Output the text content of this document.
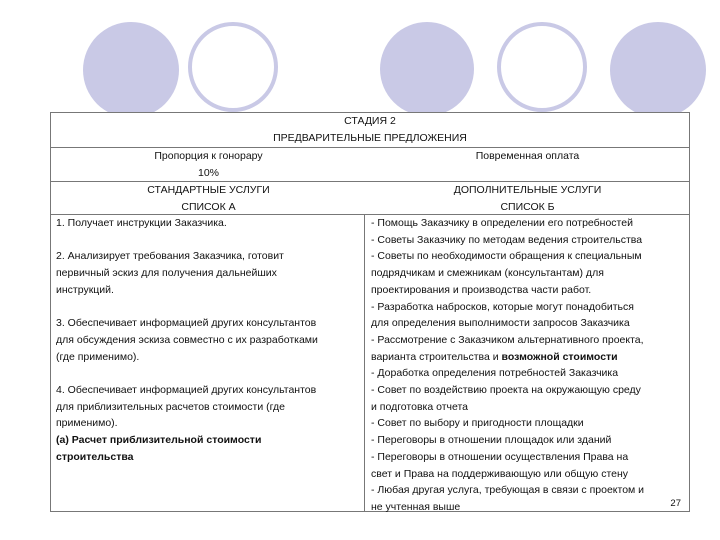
СТАДИЯ 2
ПРЕДВАРИТЕЛЬНЫЕ ПРЕДЛОЖЕНИЯ
Пропорция к гонорару
10%
Повременная оплата
СТАНДАРТНЫЕ УСЛУГИ
СПИСОК А
ДОПОЛНИТЕЛЬНЫЕ УСЛУГИ
СПИСОК Б
1. Получает инструкции Заказчика.
2. Анализирует требования Заказчика, готовит
первичный эскиз для получения дальнейших
инструкций.
3. Обеспечивает информацией других консультантов
для обсуждения эскиза совместно с их разработками
(где применимо).
4. Обеспечивает информацией других консультантов
для приблизительных расчетов стоимости (где
применимо).
(а) Расчет приблизительной стоимости
строительства
- Помощь Заказчику в определении его потребностей
- Советы Заказчику по методам ведения строительства
- Советы по необходимости обращения к специальным
подрядчикам и смежникам (консультантам) для
проектирования и производства части работ.
- Разработка набросков, которые могут понадобиться
для определения выполнимости запросов Заказчика
- Рассмотрение с Заказчиком альтернативного проекта,
варианта строительства и возможной стоимости
- Доработка определения потребностей Заказчика
- Совет по воздействию проекта на окружающую среду
и подготовка отчета
- Совет по выбору и пригодности площадки
- Переговоры в отношении площадок или зданий
- Переговоры в отношении осуществления Права на
свет и Права на поддерживающую или общую стену
- Любая другая услуга, требующая в связи с проектом и
не учтенная выше	27
